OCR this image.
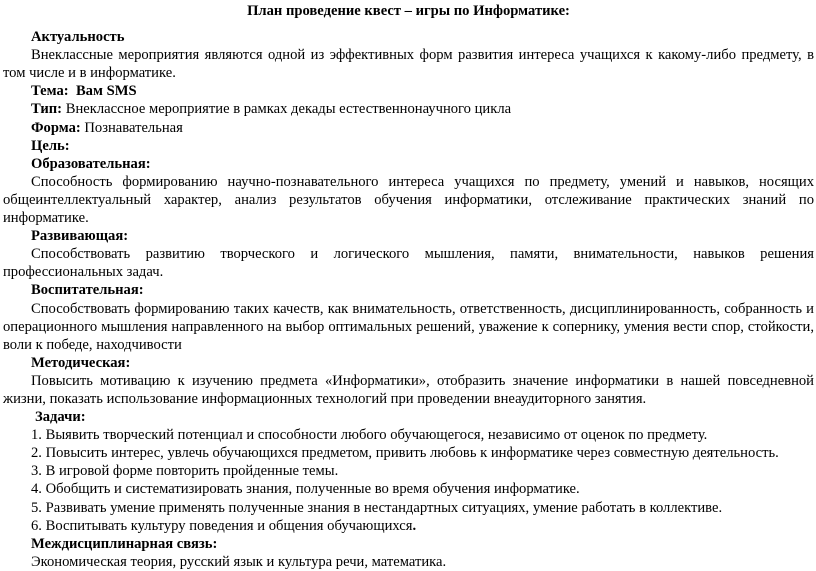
План проведение квест – игры по Информатике:

Актуальность

Внеклассные мероприятия являются одной из эффективных форм развития интереса учащихся к какому-либо предмету, в том числе и в информатике.

Тема: Вам SMS

Тип: Внеклассное мероприятие в рамках декады естественнонаучного цикла

Форма: Познавательная

Цель:

Образовательная:

Способность формированию научно-познавательного интереса учащихся по предмету, умений и навыков, носящих общеинтеллектуальный характер, анализ результатов обучения информатики, отслеживание практических знаний по информатике.

Развивающая:

Способствовать развитию творческого и логического мышления, памяти, внимательности, навыков решения профессиональных задач.

Воспитательная:

Способствовать формированию таких качеств, как внимательность, ответственность, дисциплинированность, собранность и операционного мышления направленного на выбор оптимальных решений, уважение к сопернику, умения вести спор, стойкости, воли к победе, находчивости

Методическая:

Повысить мотивацию к изучению предмета «Информатики», отобразить значение информатики в нашей повседневной жизни, показать использование информационных технологий при проведении внеаудиторного занятия.

Задачи:

1. Выявить творческий потенциал и способности любого обучающегося, независимо от оценок по предмету.

2. Повысить интерес, увлечь обучающихся предметом, привить любовь к информатике через совместную деятельность.

3. В игровой форме повторить пройденные темы.

4. Обобщить и систематизировать знания, полученные во время обучения информатике.

5. Развивать умение применять полученные знания в нестандартных ситуациях, умение работать в коллективе.

6. Воспитывать культуру поведения и общения обучающихся.

Междисциплинарная связь:

Экономическая теория, русский язык и культура речи, математика.
